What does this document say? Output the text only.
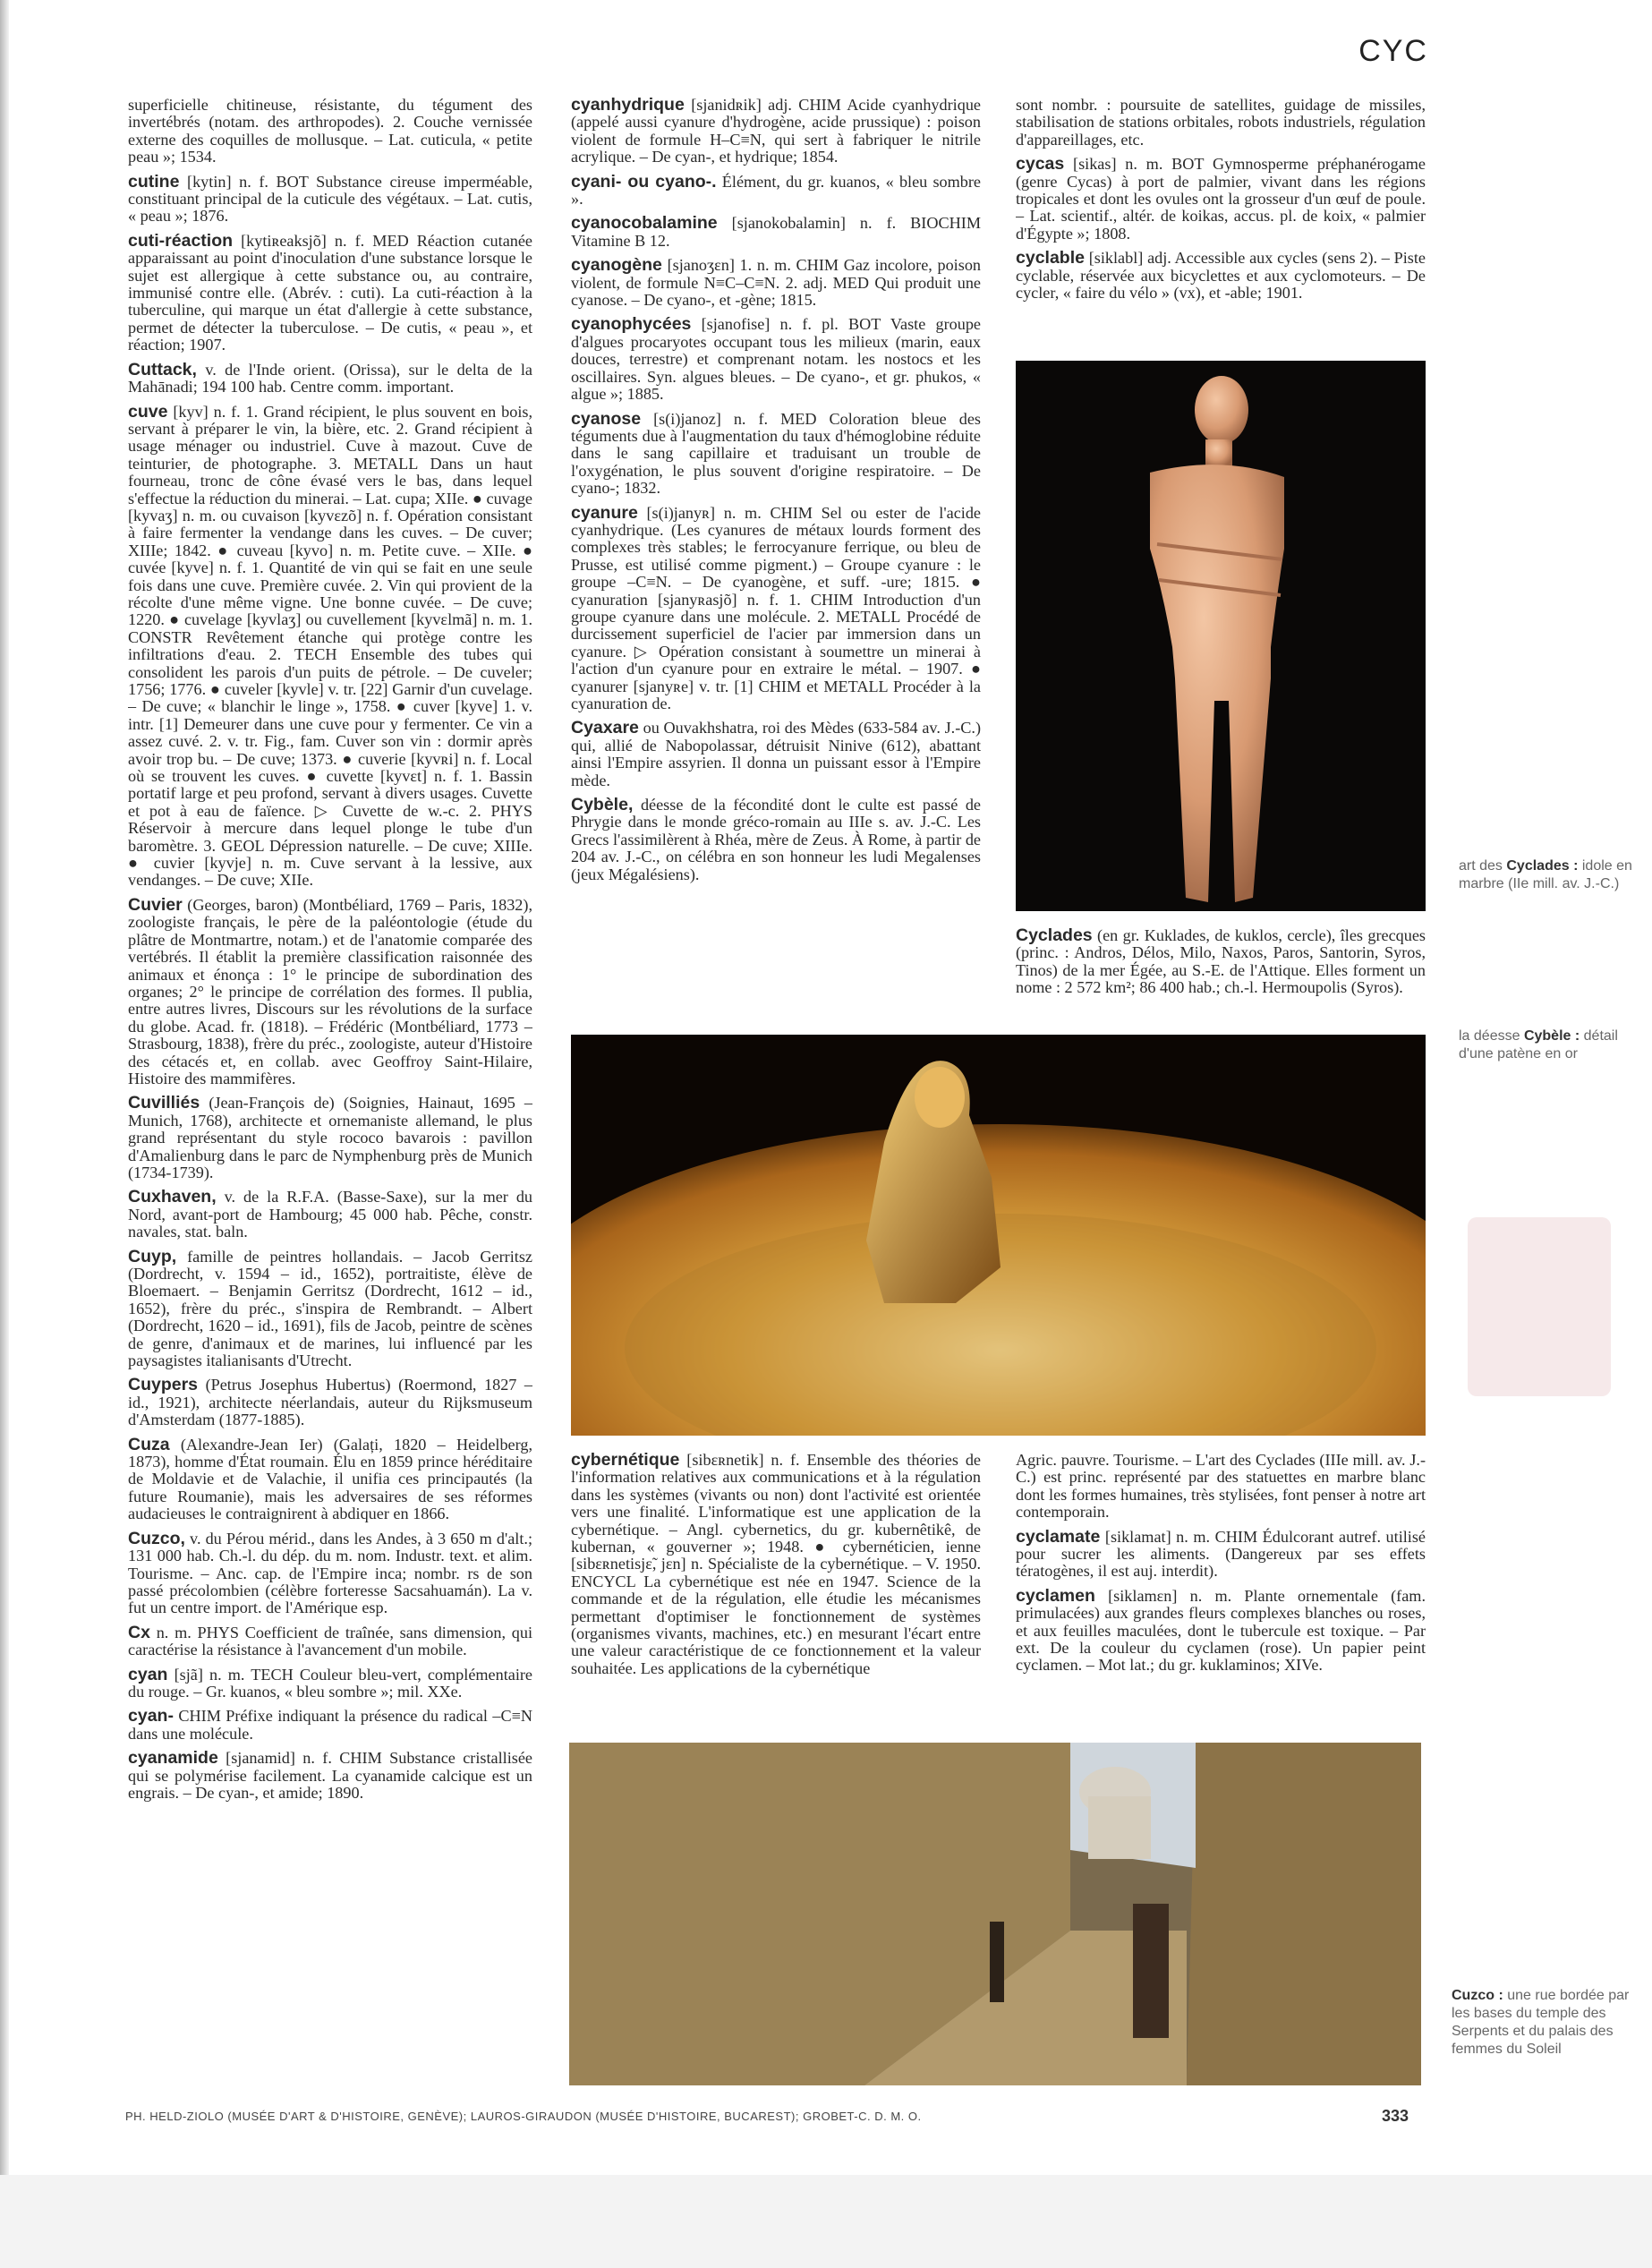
CYC

superficielle chitineuse, résistante, du tégument des invertébrés (notam. des arthropodes). 2. Couche vernissée externe des coquilles de mollusque. – Lat. cuticula, « petite peau »; 1534.

cutine [kytin] n. f. BOT Substance cireuse imperméable, constituant principal de la cuticule des végétaux. – Lat. cutis, « peau »; 1876.

cuti-réaction [kytiʀeaksjõ] n. f. MED Réaction cutanée apparaissant au point d'inoculation d'une substance lorsque le sujet est allergique à cette substance ou, au contraire, immunisé contre elle. (Abrév. : cuti). La cuti-réaction à la tuberculine, qui marque un état d'allergie à cette substance, permet de détecter la tuberculose. – De cutis, « peau », et réaction; 1907.

Cuttack, v. de l'Inde orient. (Orissa), sur le delta de la Mahānadi; 194 100 hab. Centre comm. important.

cuve [kyv] n. f. 1. Grand récipient, le plus souvent en bois, servant à préparer le vin, la bière, etc. 2. Grand récipient à usage ménager ou industriel. Cuve à mazout. Cuve de teinturier, de photographe. 3. METALL Dans un haut fourneau, tronc de cône évasé vers le bas, dans lequel s'effectue la réduction du minerai. – Lat. cupa; XIIe. ● cuvage [kyvaʒ] n. m. ou cuvaison [kyvɛzõ] n. f. Opération consistant à faire fermenter la vendange dans les cuves. – De cuver; XIIIe; 1842. ● cuveau [kyvo] n. m. Petite cuve. – XIIe. ● cuvée [kyve] n. f. 1. Quantité de vin qui se fait en une seule fois dans une cuve. Première cuvée. 2. Vin qui provient de la récolte d'une même vigne. Une bonne cuvée. – De cuve; 1220. ● cuvelage [kyvlaʒ] ou cuvellement [kyvɛlmã] n. m. 1. CONSTR Revêtement étanche qui protège contre les infiltrations d'eau. 2. TECH Ensemble des tubes qui consolident les parois d'un puits de pétrole. – De cuveler; 1756; 1776. ● cuveler [kyvle] v. tr. [22] Garnir d'un cuvelage. – De cuve; « blanchir le linge », 1758. ● cuver [kyve] 1. v. intr. [1] Demeurer dans une cuve pour y fermenter. Ce vin a assez cuvé. 2. v. tr. Fig., fam. Cuver son vin : dormir après avoir trop bu. – De cuve; 1373. ● cuverie [kyvʀi] n. f. Local où se trouvent les cuves. ● cuvette [kyvɛt] n. f. 1. Bassin portatif large et peu profond, servant à divers usages. Cuvette et pot à eau de faïence. ▷ Cuvette de w.-c. 2. PHYS Réservoir à mercure dans lequel plonge le tube d'un baromètre. 3. GEOL Dépression naturelle. – De cuve; XIIIe. ● cuvier [kyvje] n. m. Cuve servant à la lessive, aux vendanges. – De cuve; XIIe.

Cuvier (Georges, baron) (Montbéliard, 1769 – Paris, 1832), zoologiste français, le père de la paléontologie (étude du plâtre de Montmartre, notam.) et de l'anatomie comparée des vertébrés. Il établit la première classification raisonnée des animaux et énonça : 1° le principe de subordination des organes; 2° le principe de corrélation des formes. Il publia, entre autres livres, Discours sur les révolutions de la surface du globe. Acad. fr. (1818). – Frédéric (Montbéliard, 1773 – Strasbourg, 1838), frère du préc., zoologiste, auteur d'Histoire des cétacés et, en collab. avec Geoffroy Saint-Hilaire, Histoire des mammifères.

Cuvilliés (Jean-François de) (Soignies, Hainaut, 1695 – Munich, 1768), architecte et ornemaniste allemand, le plus grand représentant du style rococo bavarois : pavillon d'Amalienburg dans le parc de Nymphenburg près de Munich (1734-1739).

Cuxhaven, v. de la R.F.A. (Basse-Saxe), sur la mer du Nord, avant-port de Hambourg; 45 000 hab. Pêche, constr. navales, stat. baln.

Cuyp, famille de peintres hollandais. – Jacob Gerritsz (Dordrecht, v. 1594 – id., 1652), portraitiste, élève de Bloemaert. – Benjamin Gerritsz (Dordrecht, 1612 – id., 1652), frère du préc., s'inspira de Rembrandt. – Albert (Dordrecht, 1620 – id., 1691), fils de Jacob, peintre de scènes de genre, d'animaux et de marines, lui influencé par les paysagistes italianisants d'Utrecht.

Cuypers (Petrus Josephus Hubertus) (Roermond, 1827 – id., 1921), architecte néerlandais, auteur du Rijksmuseum d'Amsterdam (1877-1885).

Cuza (Alexandre-Jean Ier) (Galați, 1820 – Heidelberg, 1873), homme d'État roumain. Élu en 1859 prince héréditaire de Moldavie et de Valachie, il unifia ces principautés (la future Roumanie), mais les adversaires de ses réformes audacieuses le contraignirent à abdiquer en 1866.

Cuzco, v. du Pérou mérid., dans les Andes, à 3 650 m d'alt.; 131 000 hab. Ch.-l. du dép. du m. nom. Industr. text. et alim. Tourisme. – Anc. cap. de l'Empire inca; nombr. rs de son passé précolombien (célèbre forteresse Sacsahuamán). La v. fut un centre import. de l'Amérique esp.

Cx n. m. PHYS Coefficient de traînée, sans dimension, qui caractérise la résistance à l'avancement d'un mobile.

cyan [sjã] n. m. TECH Couleur bleu-vert, complémentaire du rouge. – Gr. kuanos, « bleu sombre »; mil. XXe.

cyan- CHIM Préfixe indiquant la présence du radical –C≡N dans une molécule.

cyanamide [sjanamid] n. f. CHIM Substance cristallisée qui se polymérise facilement. La cyanamide calcique est un engrais. – De cyan-, et amide; 1890.

cyanhydrique [sjanidʀik] adj. CHIM Acide cyanhydrique (appelé aussi cyanure d'hydrogène, acide prussique) : poison violent de formule H–C≡N, qui sert à fabriquer le nitrile acrylique. – De cyan-, et hydrique; 1854.

cyani- ou cyano-. Élément, du gr. kuanos, « bleu sombre ».

cyanocobalamine [sjanokobalamin] n. f. BIOCHIM Vitamine B 12.

cyanogène [sjanoʒɛn] 1. n. m. CHIM Gaz incolore, poison violent, de formule N≡C–C≡N. 2. adj. MED Qui produit une cyanose. – De cyano-, et -gène; 1815.

cyanophycées [sjanofise] n. f. pl. BOT Vaste groupe d'algues procaryotes occupant tous les milieux (marin, eaux douces, terrestre) et comprenant notam. les nostocs et les oscillaires. Syn. algues bleues. – De cyano-, et gr. phukos, « algue »; 1885.

cyanose [s(i)janoz] n. f. MED Coloration bleue des téguments due à l'augmentation du taux d'hémoglobine réduite dans le sang capillaire et traduisant un trouble de l'oxygénation, le plus souvent d'origine respiratoire. – De cyano-; 1832.

cyanure [s(i)janyʀ] n. m. CHIM Sel ou ester de l'acide cyanhydrique. (Les cyanures de métaux lourds forment des complexes très stables; le ferrocyanure ferrique, ou bleu de Prusse, est utilisé comme pigment.) – Groupe cyanure : le groupe –C≡N. – De cyanogène, et suff. -ure; 1815. ● cyanuration [sjanyʀasjõ] n. f. 1. CHIM Introduction d'un groupe cyanure dans une molécule. 2. METALL Procédé de durcissement superficiel de l'acier par immersion dans un cyanure. ▷ Opération consistant à soumettre un minerai à l'action d'un cyanure pour en extraire le métal. – 1907. ● cyanurer [sjanyʀe] v. tr. [1] CHIM et METALL Procéder à la cyanuration de.

Cyaxare ou Ouvakhshatra, roi des Mèdes (633-584 av. J.-C.) qui, allié de Nabopolassar, détruisit Ninive (612), abattant ainsi l'Empire assyrien. Il donna un puissant essor à l'Empire mède.

Cybèle, déesse de la fécondité dont le culte est passé de Phrygie dans le monde gréco-romain au IIIe s. av. J.-C. Les Grecs l'assimilèrent à Rhéa, mère de Zeus. À Rome, à partir de 204 av. J.-C., on célébra en son honneur les ludi Megalenses (jeux Mégalésiens).

sont nombr. : poursuite de satellites, guidage de missiles, stabilisation de stations orbitales, robots industriels, régulation d'appareillages, etc.

cycas [sikas] n. m. BOT Gymnosperme préphanérogame (genre Cycas) à port de palmier, vivant dans les régions tropicales et dont les ovules ont la grosseur d'un œuf de poule. – Lat. scientif., altér. de koikas, accus. pl. de koix, « palmier d'Égypte »; 1808.

cyclable [siklabl] adj. Accessible aux cycles (sens 2). – Piste cyclable, réservée aux bicyclettes et aux cyclomoteurs. – De cycler, « faire du vélo » (vx), et -able; 1901.

Cyclades (en gr. Kuklades, de kuklos, cercle), îles grecques (princ. : Andros, Délos, Milo, Naxos, Paros, Santorin, Syros, Tinos) de la mer Égée, au S.-E. de l'Attique. Elles forment un nome : 2 572 km²; 86 400 hab.; ch.-l. Hermoupolis (Syros).

cybernétique [sibɛʀnetik] n. f. Ensemble des théories de l'information relatives aux communications et à la régulation dans les systèmes (vivants ou non) dont l'activité est orientée vers une finalité. L'informatique est une application de la cybernétique. – Angl. cybernetics, du gr. kubernêtikê, de kubernan, « gouverner »; 1948. ● cybernéticien, ienne [sibɛʀnetisjɛ̃, jɛn] n. Spécialiste de la cybernétique. – V. 1950. ENCYCL La cybernétique est née en 1947. Science de la commande et de la régulation, elle étudie les mécanismes permettant d'optimiser le fonctionnement de systèmes (organismes vivants, machines, etc.) en mesurant l'écart entre une valeur caractéristique de ce fonctionnement et la valeur souhaitée. Les applications de la cybernétique

Agric. pauvre. Tourisme. – L'art des Cyclades (IIIe mill. av. J.-C.) est princ. représenté par des statuettes en marbre blanc dont les formes humaines, très stylisées, font penser à notre art contemporain.

cyclamate [siklamat] n. m. CHIM Édulcorant autref. utilisé pour sucrer les aliments. (Dangereux par ses effets tératogènes, il est auj. interdit).

cyclamen [siklamɛn] n. m. Plante ornementale (fam. primulacées) aux grandes fleurs complexes blanches ou roses, et aux feuilles maculées, dont le tubercule est toxique. – Par ext. De la couleur du cyclamen (rose). Un papier peint cyclamen. – Mot lat.; du gr. kuklaminos; XIVe.

art des Cyclades : idole en marbre (IIe mill. av. J.-C.)
la déesse Cybèle : détail d'une patène en or
Cuzco : une rue bordée par les bases du temple des Serpents et du palais des femmes du Soleil
PH. HELD-ZIOLO (MUSÉE D'ART & D'HISTOIRE, GENÈVE); LAUROS-GIRAUDON (MUSÉE D'HISTOIRE, BUCAREST); GROBET-C. D. M. O.	333
